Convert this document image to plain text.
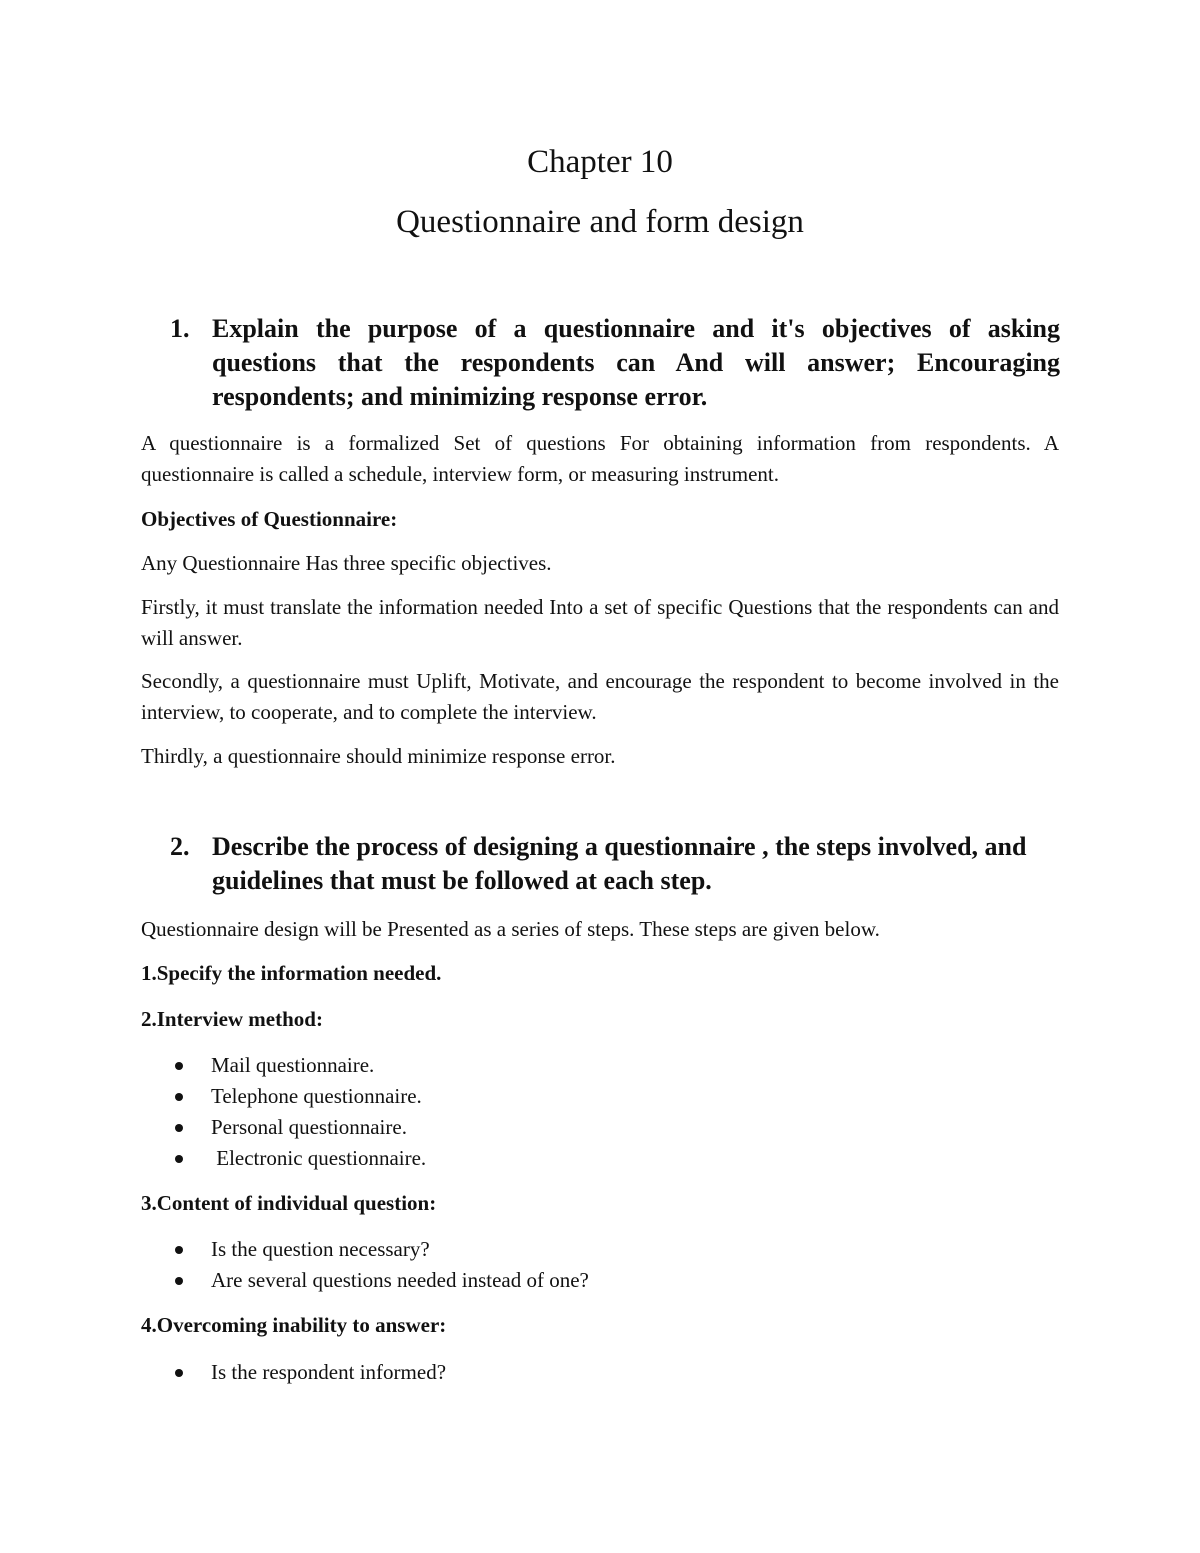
Chapter 10
Questionnaire and form design
1. Explain the purpose of a questionnaire and it's objectives of asking questions that the respondents can And will answer; Encouraging respondents; and minimizing response error.

A questionnaire is a formalized Set of questions For obtaining information from respondents. A questionnaire is called a schedule, interview form, or measuring instrument.

Objectives of Questionnaire:

Any Questionnaire Has three specific objectives.

Firstly, it must translate the information needed Into a set of specific Questions that the respondents can and will answer.

Secondly, a questionnaire must Uplift, Motivate, and encourage the respondent to become involved in the interview, to cooperate, and to complete the interview.

Thirdly, a questionnaire should minimize response error.

2. Describe the process of designing a questionnaire , the steps involved, and guidelines that must be followed at each step.

Questionnaire design will be Presented as a series of steps. These steps are given below.

1.Specify the information needed.

2.Interview method:

Mail questionnaire.
Telephone questionnaire.
Personal questionnaire.
Electronic questionnaire.

3.Content of individual question:

Is the question necessary?
Are several questions needed instead of one?

4.Overcoming inability to answer:

Is the respondent informed?
